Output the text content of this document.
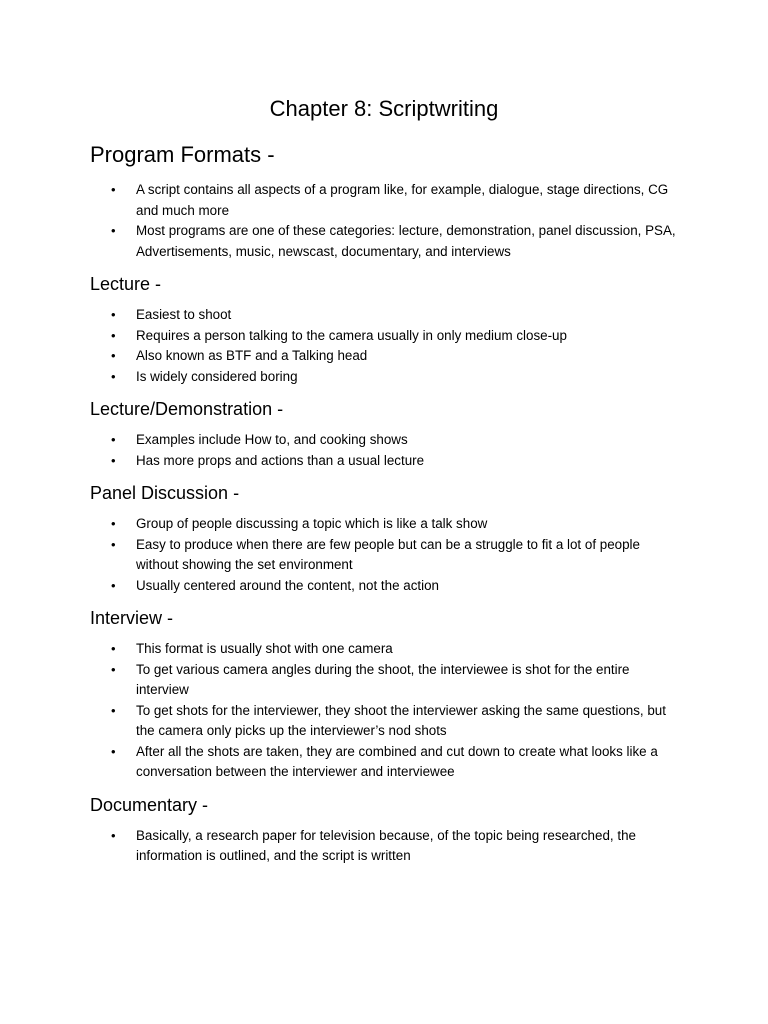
Chapter 8: Scriptwriting
Program Formats -
• A script contains all aspects of a program like, for example, dialogue, stage directions, CG and much more
• Most programs are one of these categories: lecture, demonstration, panel discussion, PSA, Advertisements, music, newscast, documentary, and interviews
Lecture -
• Easiest to shoot
• Requires a person talking to the camera usually in only medium close-up
• Also known as BTF and a Talking head
• Is widely considered boring
Lecture/Demonstration -
• Examples include How to, and cooking shows
• Has more props and actions than a usual lecture
Panel Discussion -
• Group of people discussing a topic which is like a talk show
• Easy to produce when there are few people but can be a struggle to fit a lot of people without showing the set environment
• Usually centered around the content, not the action
Interview -
• This format is usually shot with one camera
• To get various camera angles during the shoot, the interviewee is shot for the entire interview
• To get shots for the interviewer, they shoot the interviewer asking the same questions, but the camera only picks up the interviewer’s nod shots
• After all the shots are taken, they are combined and cut down to create what looks like a conversation between the interviewer and interviewee
Documentary -
• Basically, a research paper for television because, of the topic being researched, the information is outlined, and the script is written
